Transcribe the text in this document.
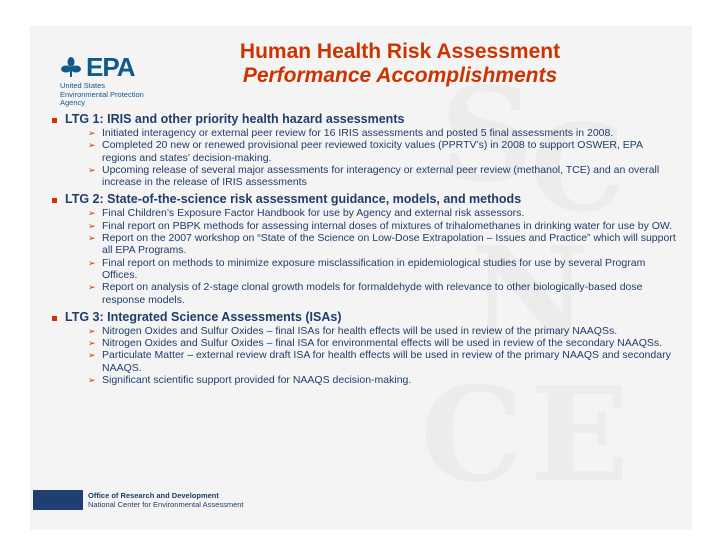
S
C
N
C E
EPA
United States
Environmental Protection
Agency
Human Health Risk Assessment
Performance Accomplishments
LTG 1: IRIS and other priority health hazard assessments
➢ Initiated interagency or external peer review for 16 IRIS assessments and posted 5 final assessments in 2008.
➢ Completed 20 new or renewed provisional peer reviewed toxicity values (PPRTV’s) in 2008 to support OSWER, EPA regions and states’ decision-making.
➢ Upcoming release of several major assessments for interagency or external peer review (methanol, TCE) and an overall increase in the release of IRIS assessments
LTG 2: State-of-the-science risk assessment guidance, models, and methods
➢ Final Children’s Exposure Factor Handbook for use by Agency and external risk assessors.
➢ Final report on PBPK methods for assessing internal doses of mixtures of trihalomethanes in drinking water for use by OW.
➢ Report on the 2007 workshop on “State of the Science on Low-Dose Extrapolation – Issues and Practice” which will support all EPA Programs.
➢ Final report on methods to minimize exposure misclassification in epidemiological studies for use by several Program Offices.
➢ Report on analysis of 2-stage clonal growth models for formaldehyde with relevance to other biologically-based dose response models.
LTG 3: Integrated Science Assessments (ISAs)
➢ Nitrogen Oxides and Sulfur Oxides – final ISAs for health effects will be used in review of the primary NAAQSs.
➢ Nitrogen Oxides and Sulfur Oxides – final ISA for environmental effects will be used in review of the secondary NAAQSs.
➢ Particulate Matter – external review draft ISA for health effects will be used in review of the primary NAAQS and secondary NAAQS.
➢ Significant scientific support provided for NAAQS decision-making.
Office of Research and Development
National Center for Environmental Assessment
